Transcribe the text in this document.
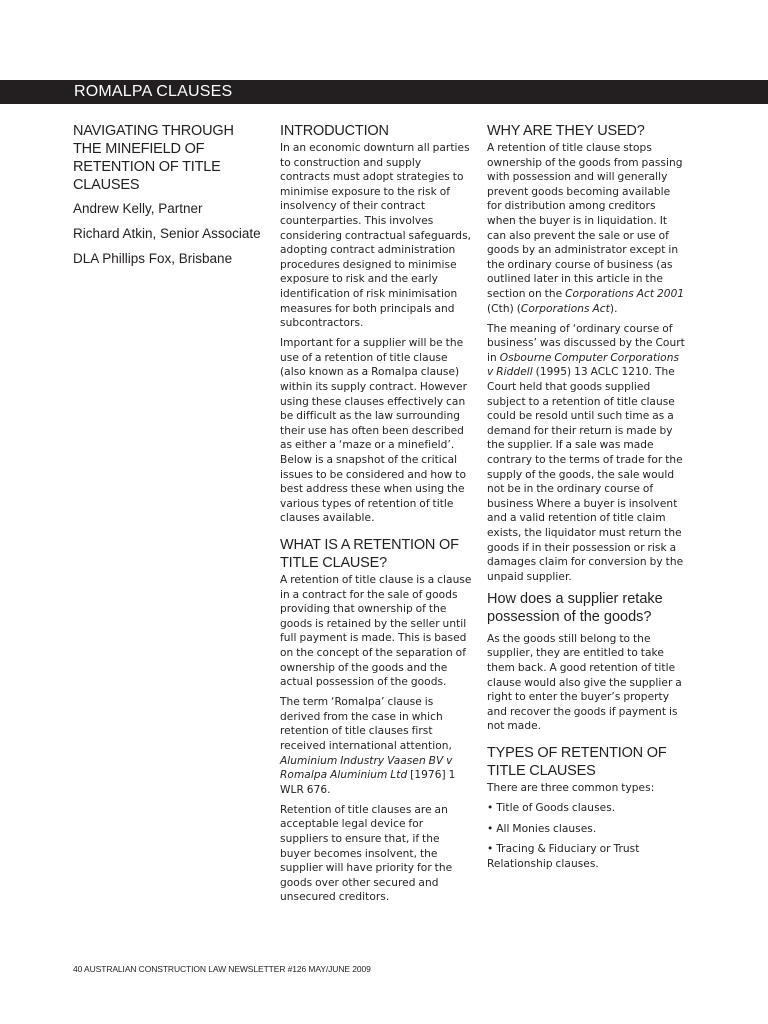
ROMALPA CLAUSES
NAVIGATING THROUGH THE MINEFIELD OF RETENTION OF TITLE CLAUSES
Andrew Kelly, Partner
Richard Atkin, Senior Associate
DLA Phillips Fox, Brisbane
INTRODUCTION

In an economic downturn all parties to construction and supply contracts must adopt strategies to minimise exposure to the risk of insolvency of their contract counterparties. This involves considering contractual safeguards, adopting contract administration procedures designed to minimise exposure to risk and the early identification of risk minimisation measures for both principals and subcontractors.

Important for a supplier will be the use of a retention of title clause (also known as a Romalpa clause) within its supply contract. However using these clauses effectively can be difficult as the law surrounding their use has often been described as either a ‘maze or a minefield’. Below is a snapshot of the critical issues to be considered and how to best address these when using the various types of retention of title clauses available.

WHAT IS A RETENTION OF TITLE CLAUSE?

A retention of title clause is a clause in a contract for the sale of goods providing that ownership of the goods is retained by the seller until full payment is made. This is based on the concept of the separation of ownership of the goods and the actual possession of the goods.

The term ‘Romalpa’ clause is derived from the case in which retention of title clauses first received international attention, Aluminium Industry Vaasen BV v Romalpa Aluminium Ltd [1976] 1 WLR 676.

Retention of title clauses are an acceptable legal device for suppliers to ensure that, if the buyer becomes insolvent, the supplier will have priority for the goods over other secured and unsecured creditors.

WHY ARE THEY USED?

A retention of title clause stops ownership of the goods from passing with possession and will generally prevent goods becoming available for distribution among creditors when the buyer is in liquidation. It can also prevent the sale or use of goods by an administrator except in the ordinary course of business (as outlined later in this article in the section on the Corporations Act 2001 (Cth) (Corporations Act).

The meaning of ‘ordinary course of business’ was discussed by the Court in Osbourne Computer Corporations v Riddell (1995) 13 ACLC 1210. The Court held that goods supplied subject to a retention of title clause could be resold until such time as a demand for their return is made by the supplier. If a sale was made contrary to the terms of trade for the supply of the goods, the sale would not be in the ordinary course of business Where a buyer is insolvent and a valid retention of title claim exists, the liquidator must return the goods if in their possession or risk a damages claim for conversion by the unpaid supplier.

How does a supplier retake possession of the goods?

As the goods still belong to the supplier, they are entitled to take them back. A good retention of title clause would also give the supplier a right to enter the buyer’s property and recover the goods if payment is not made.

TYPES OF RETENTION OF TITLE CLAUSES

There are three common types:

• Title of Goods clauses.

• All Monies clauses.

• Tracing & Fiduciary or Trust Relationship clauses.

40 AUSTRALIAN CONSTRUCTION LAW NEWSLETTER #126 MAY/JUNE 2009
